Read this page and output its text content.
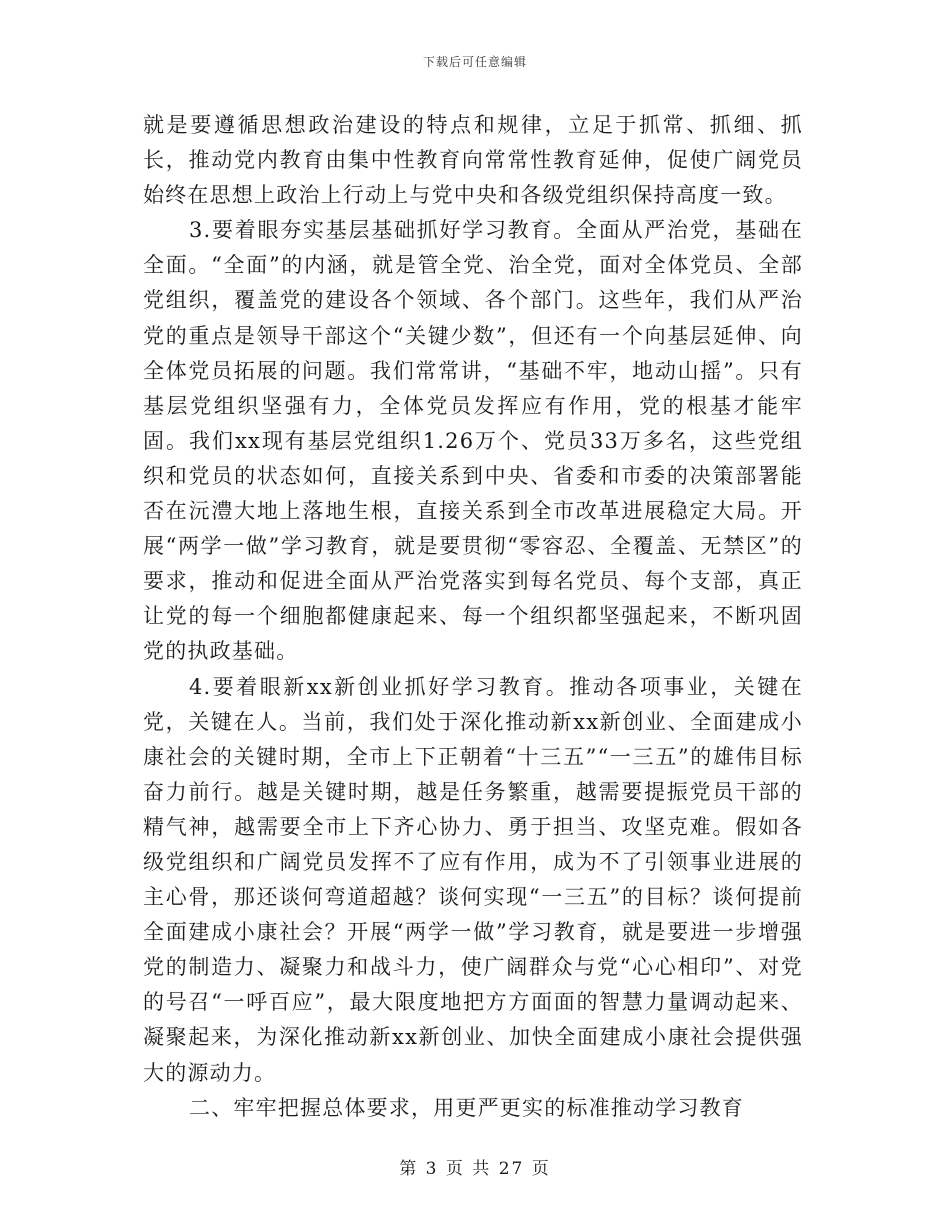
下载后可任意编辑

就是要遵循思想政治建设的特点和规律，立足于抓常、抓细、抓长，推动党内教育由集中性教育向常常性教育延伸，促使广阔党员始终在思想上政治上行动上与党中央和各级党组织保持高度一致。

3.要着眼夯实基层基础抓好学习教育。全面从严治党，基础在全面。“全面”的内涵，就是管全党、治全党，面对全体党员、全部党组织，覆盖党的建设各个领域、各个部门。这些年，我们从严治党的重点是领导干部这个“关键少数”，但还有一个向基层延伸、向全体党员拓展的问题。我们常常讲，“基础不牢，地动山摇”。只有基层党组织坚强有力，全体党员发挥应有作用，党的根基才能牢固。我们xx现有基层党组织1.26万个、党员33万多名，这些党组织和党员的状态如何，直接关系到中央、省委和市委的决策部署能否在沅澧大地上落地生根，直接关系到全市改革进展稳定大局。开展“两学一做”学习教育，就是要贯彻“零容忍、全覆盖、无禁区”的要求，推动和促进全面从严治党落实到每名党员、每个支部，真正让党的每一个细胞都健康起来、每一个组织都坚强起来，不断巩固党的执政基础。

4.要着眼新xx新创业抓好学习教育。推动各项事业，关键在党，关键在人。当前，我们处于深化推动新xx新创业、全面建成小康社会的关键时期，全市上下正朝着“十三五”“一三五”的雄伟目标奋力前行。越是关键时期，越是任务繁重，越需要提振党员干部的精气神，越需要全市上下齐心协力、勇于担当、攻坚克难。假如各级党组织和广阔党员发挥不了应有作用，成为不了引领事业进展的主心骨，那还谈何弯道超越？谈何实现“一三五”的目标？谈何提前全面建成小康社会？开展“两学一做”学习教育，就是要进一步增强党的制造力、凝聚力和战斗力，使广阔群众与党“心心相印”、对党的号召“一呼百应”，最大限度地把方方面面的智慧力量调动起来、凝聚起来，为深化推动新xx新创业、加快全面建成小康社会提供强大的源动力。

二、牢牢把握总体要求，用更严更实的标准推动学习教育

第 3 页 共 27 页
